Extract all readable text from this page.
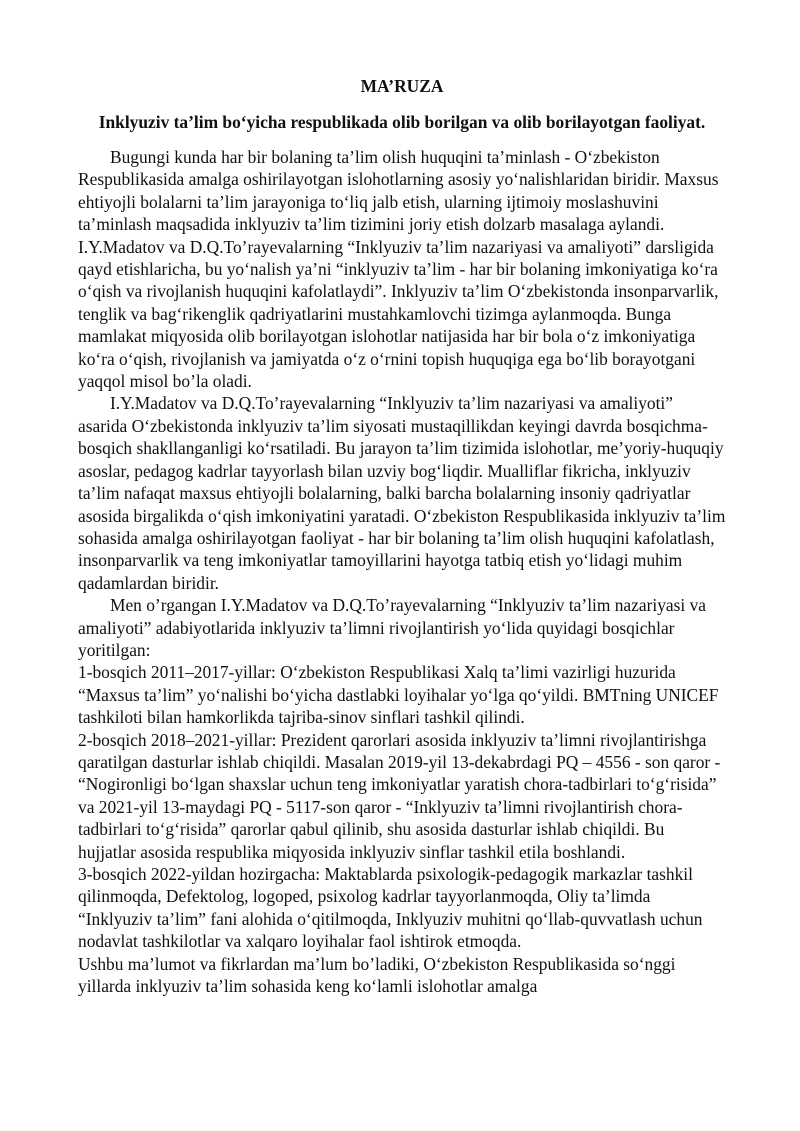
MA’RUZA

Inklyuziv ta’lim bo‘yicha respublikada olib borilgan va olib borilayotgan faoliyat.

Bugungi kunda har bir bolaning ta’lim olish huquqini ta’minlash - O‘zbekiston Respublikasida amalga oshirilayotgan islohotlarning asosiy yo‘nalishlaridan biridir. Maxsus ehtiyojli bolalarni ta’lim jarayoniga to‘liq jalb etish, ularning ijtimoiy moslashuvini ta’minlash maqsadida inklyuziv ta’lim tizimini joriy etish dolzarb masalaga aylandi. I.Y.Madatov va D.Q.To’rayevalarning “Inklyuziv ta’lim nazariyasi va amaliyoti” darsligida qayd etishlaricha, bu yo‘nalish ya’ni “inklyuziv ta’lim - har bir bolaning imkoniyatiga ko‘ra o‘qish va rivojlanish huquqini kafolatlaydi”. Inklyuziv ta’lim O‘zbekistonda insonparvarlik, tenglik va bag‘rikenglik qadriyatlarini mustahkamlovchi tizimga aylanmoqda. Bunga mamlakat miqyosida olib borilayotgan islohotlar natijasida har bir bola o‘z imkoniyatiga ko‘ra o‘qish, rivojlanish va jamiyatda o‘z o‘rnini topish huquqiga ega bo‘lib borayotgani yaqqol misol bo’la oladi.

I.Y.Madatov va D.Q.To’rayevalarning “Inklyuziv ta’lim nazariyasi va amaliyoti” asarida O‘zbekistonda inklyuziv ta’lim siyosati mustaqillikdan keyingi davrda bosqichma-bosqich shakllanganligi ko‘rsatiladi. Bu jarayon ta’lim tizimida islohotlar, me’yoriy-huquqiy asoslar, pedagog kadrlar tayyorlash bilan uzviy bog‘liqdir. Mualliflar fikricha, inklyuziv ta’lim nafaqat maxsus ehtiyojli bolalarning, balki barcha bolalarning insoniy qadriyatlar asosida birgalikda o‘qish imkoniyatini yaratadi. O‘zbekiston Respublikasida inklyuziv ta’lim sohasida amalga oshirilayotgan faoliyat - har bir bolaning ta’lim olish huquqini kafolatlash, insonparvarlik va teng imkoniyatlar tamoyillarini hayotga tatbiq etish yo‘lidagi muhim qadamlardan biridir.

Men o’rgangan I.Y.Madatov va D.Q.To’rayevalarning “Inklyuziv ta’lim nazariyasi va amaliyoti” adabiyotlarida inklyuziv ta’limni rivojlantirish yo‘lida quyidagi bosqichlar yoritilgan:

1-bosqich 2011–2017-yillar: O‘zbekiston Respublikasi Xalq ta’limi vazirligi huzurida “Maxsus ta’lim” yo‘nalishi bo‘yicha dastlabki loyihalar yo‘lga qo‘yildi. BMTning UNICEF tashkiloti bilan hamkorlikda tajriba-sinov sinflari tashkil qilindi.

2-bosqich 2018–2021-yillar: Prezident qarorlari asosida inklyuziv ta’limni rivojlantirishga qaratilgan dasturlar ishlab chiqildi. Masalan 2019-yil 13-dekabrdagi PQ – 4556 - son qaror - “Nogironligi bo‘lgan shaxslar uchun teng imkoniyatlar yaratish chora-tadbirlari to‘g‘risida” va 2021-yil 13-maydagi PQ - 5117-son qaror - “Inklyuziv ta’limni rivojlantirish chora-tadbirlari to‘g‘risida” qarorlar qabul qilinib, shu asosida dasturlar ishlab chiqildi. Bu hujjatlar asosida respublika miqyosida inklyuziv sinflar tashkil etila boshlandi.

3-bosqich 2022-yildan hozirgacha: Maktablarda psixologik-pedagogik markazlar tashkil qilinmoqda, Defektolog, logoped, psixolog kadrlar tayyorlanmoqda, Oliy ta’limda “Inklyuziv ta’lim” fani alohida o‘qitilmoqda, Inklyuziv muhitni qo‘llab-quvvatlash uchun nodavlat tashkilotlar va xalqaro loyihalar faol ishtirok etmoqda.

Ushbu ma’lumot va fikrlardan ma’lum bo’ladiki, O‘zbekiston Respublikasida so‘nggi yillarda inklyuziv ta’lim sohasida keng ko‘lamli islohotlar amalga
